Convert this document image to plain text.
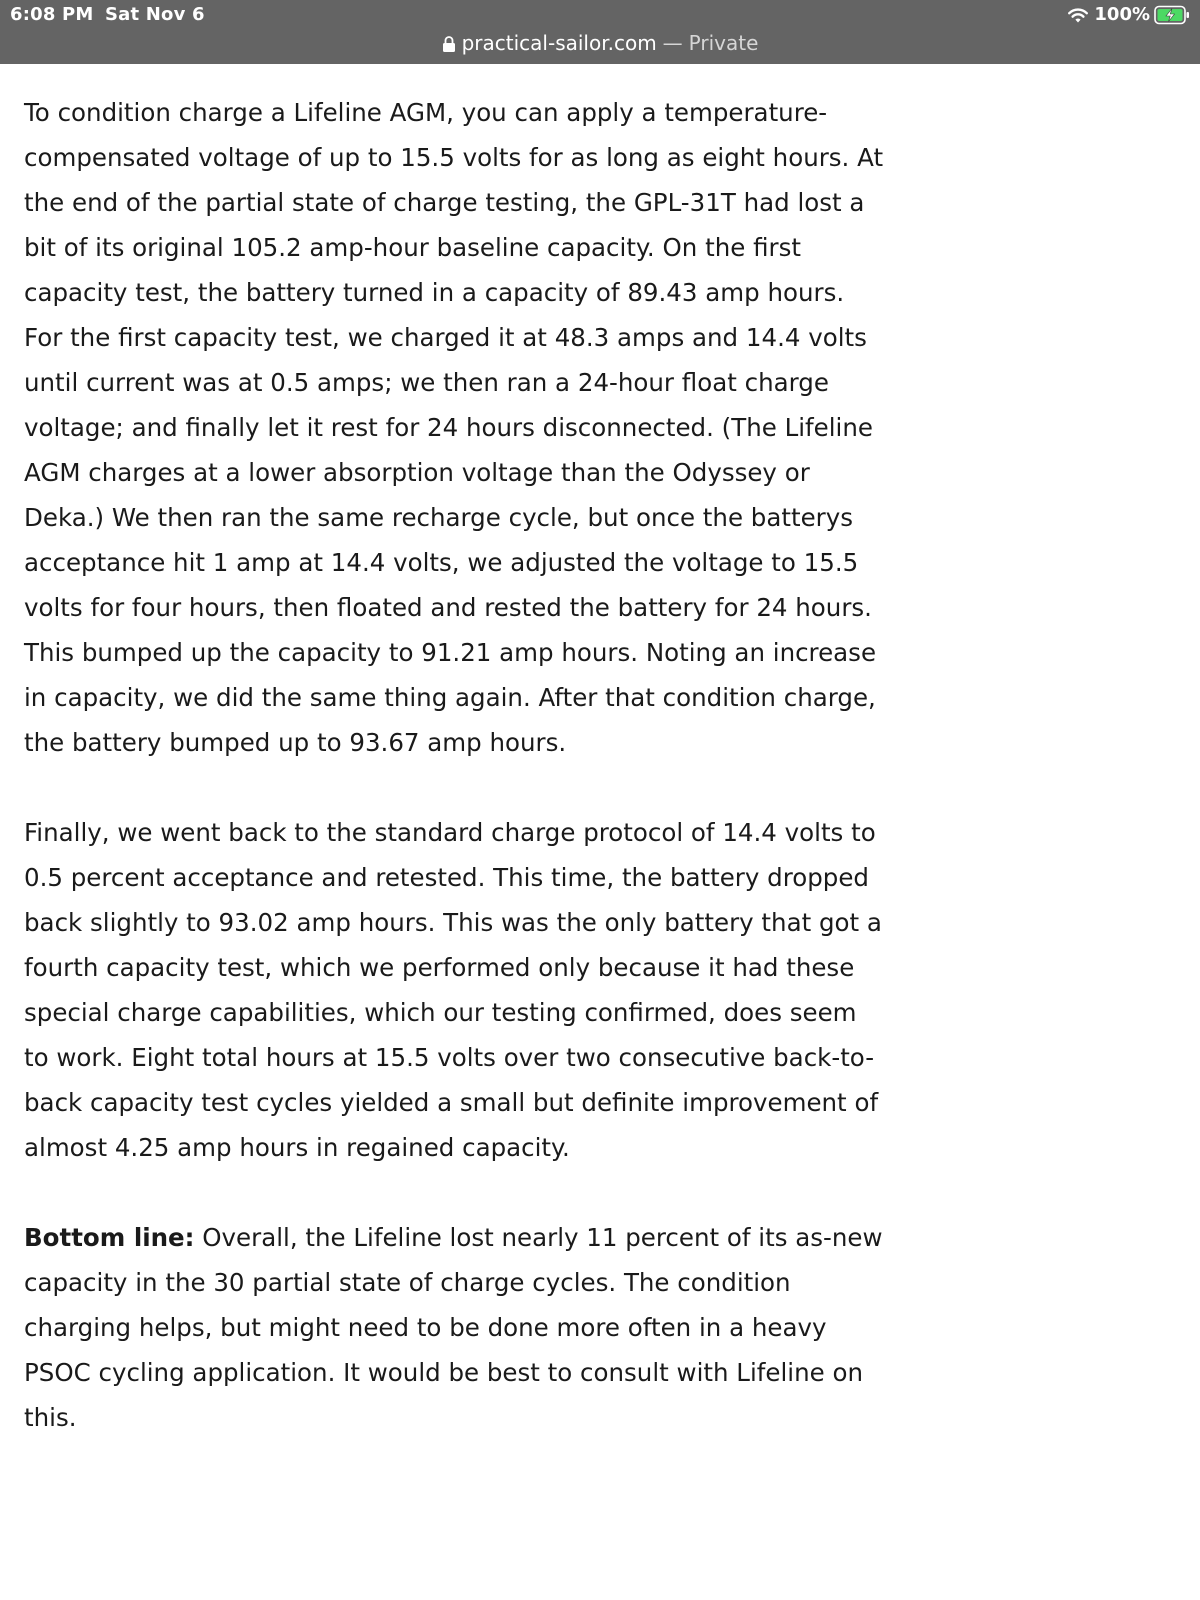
6:08 PM Sat Nov 6	100%
practical-sailor.com — Private

To condition charge a Lifeline AGM, you can apply a temperature-compensated voltage of up to 15.5 volts for as long as eight hours. At the end of the partial state of charge testing, the GPL-31T had lost a bit of its original 105.2 amp-hour baseline capacity. On the first capacity test, the battery turned in a capacity of 89.43 amp hours. For the first capacity test, we charged it at 48.3 amps and 14.4 volts until current was at 0.5 amps; we then ran a 24-hour float charge voltage; and finally let it rest for 24 hours disconnected. (The Lifeline AGM charges at a lower absorption voltage than the Odyssey or Deka.) We then ran the same recharge cycle, but once the batterys acceptance hit 1 amp at 14.4 volts, we adjusted the voltage to 15.5 volts for four hours, then floated and rested the battery for 24 hours. This bumped up the capacity to 91.21 amp hours. Noting an increase in capacity, we did the same thing again. After that condition charge, the battery bumped up to 93.67 amp hours.

Finally, we went back to the standard charge protocol of 14.4 volts to 0.5 percent acceptance and retested. This time, the battery dropped back slightly to 93.02 amp hours. This was the only battery that got a fourth capacity test, which we performed only because it had these special charge capabilities, which our testing confirmed, does seem to work. Eight total hours at 15.5 volts over two consecutive back-to-back capacity test cycles yielded a small but definite improvement of almost 4.25 amp hours in regained capacity.

Bottom line: Overall, the Lifeline lost nearly 11 percent of its as-new capacity in the 30 partial state of charge cycles. The condition charging helps, but might need to be done more often in a heavy PSOC cycling application. It would be best to consult with Lifeline on this.
